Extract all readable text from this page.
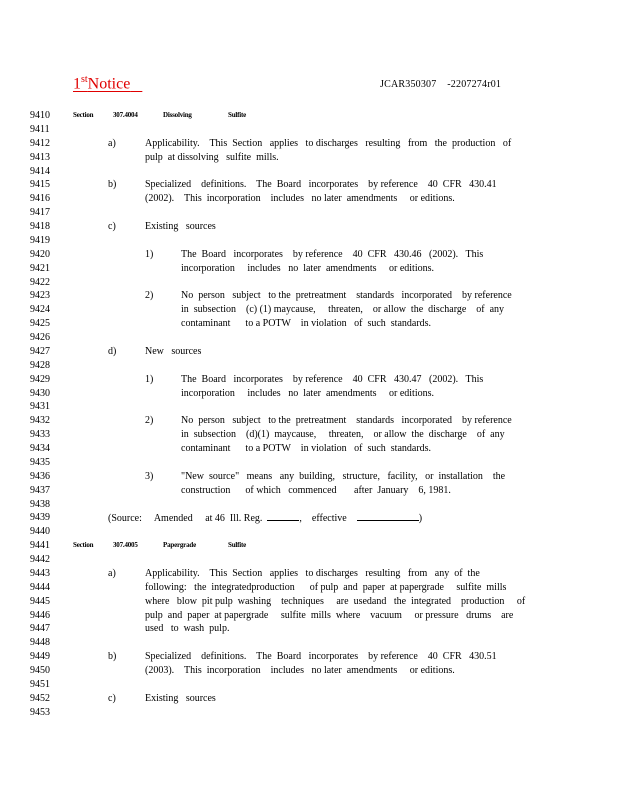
1stNotice	JCAR350307 -2207274r01
9410	Section	307.4004	Dissolving	Sulfite
9411
9412	a)	Applicability.    This  Section   applies   to discharges   resulting   from   the  production   of
9413	pulp  at dissolving   sulfite  mills.
9414
9415	b)	Specialized    definitions.    The  Board   incorporates    by reference    40  CFR   430.41
9416	(2002).    This  incorporation    includes   no later  amendments     or editions.
9417
9418	c)	Existing   sources
9419
9420	1)	The  Board   incorporates    by reference    40  CFR   430.46   (2002).   This
9421	incorporation     includes   no  later  amendments     or editions.
9422
9423	2)	No  person   subject   to the  pretreatment    standards   incorporated    by reference
9424	in  subsection    (c) (1) maycause,     threaten,    or allow  the  discharge    of  any
9425	contaminant      to a POTW    in violation   of  such  standards.
9426
9427	d)	New   sources
9428
9429	1)	The  Board   incorporates    by reference    40  CFR   430.47   (2002).   This
9430	incorporation     includes   no  later  amendments     or editions.
9431
9432	2)	No  person   subject   to the  pretreatment    standards   incorporated    by reference
9433	in  subsection    (d)(1)  maycause,     threaten,    or allow  the  discharge    of  any
9434	contaminant      to a POTW    in violation   of  such  standards.
9435
9436	3)	"New  source"   means   any  building,   structure,   facility,   or  installation    the
9437	construction      of which   commenced       after  January    6, 1981.
9438
9439	(Source:     Amended     at 46  Ill. Reg.	,    effective	)
9440
9441	Section	307.4005	Papergrade	Sulfite
9442
9443	a)	Applicability.    This  Section   applies   to discharges   resulting   from   any  of  the
9444	following:   the  integratedproduction      of pulp  and  paper  at papergrade     sulfite  mills
9445	where   blow  pit pulp  washing    techniques     are  usedand   the  integrated    production     of
9446	pulp  and  paper  at papergrade     sulfite  mills  where    vacuum     or pressure   drums    are
9447	used   to  wash  pulp.
9448
9449	b)	Specialized    definitions.    The  Board   incorporates    by reference    40  CFR   430.51
9450	(2003).    This  incorporation    includes   no later  amendments     or editions.
9451
9452	c)	Existing   sources
9453
